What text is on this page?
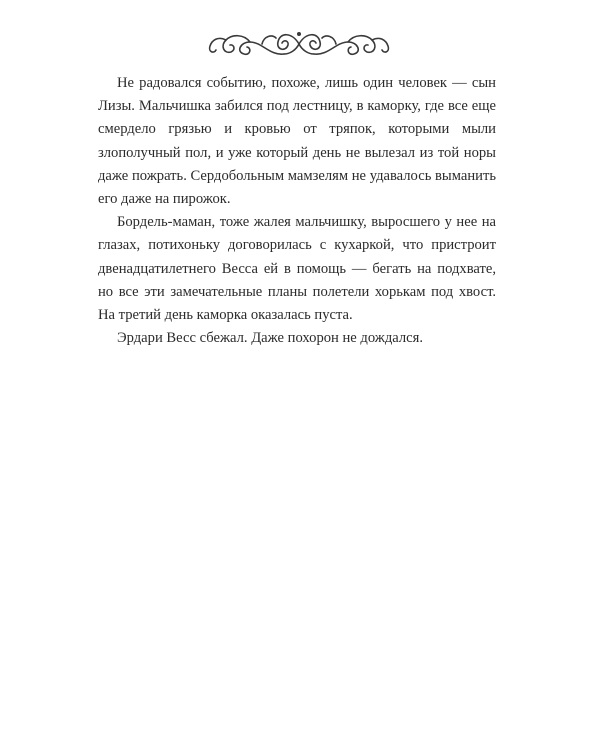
Не радовался событию, похоже, лишь один человек — сын Лизы. Мальчишка забился под лестницу, в каморку, где все еще смердело грязью и кровью от тряпок, которыми мыли злополучный пол, и уже который день не вылезал из той норы даже пожрать. Сердобольным мамзелям не удавалось выманить его даже на пирожок.

Бордель-маман, тоже жалея мальчишку, выросшего у нее на глазах, потихоньку договорилась с кухаркой, что пристроит двенадцатилетнего Весса ей в помощь — бегать на подхвате, но все эти замечательные планы полетели хорькам под хвост. На третий день каморка оказалась пуста.

Эрдари Весс сбежал. Даже похорон не дождался.
